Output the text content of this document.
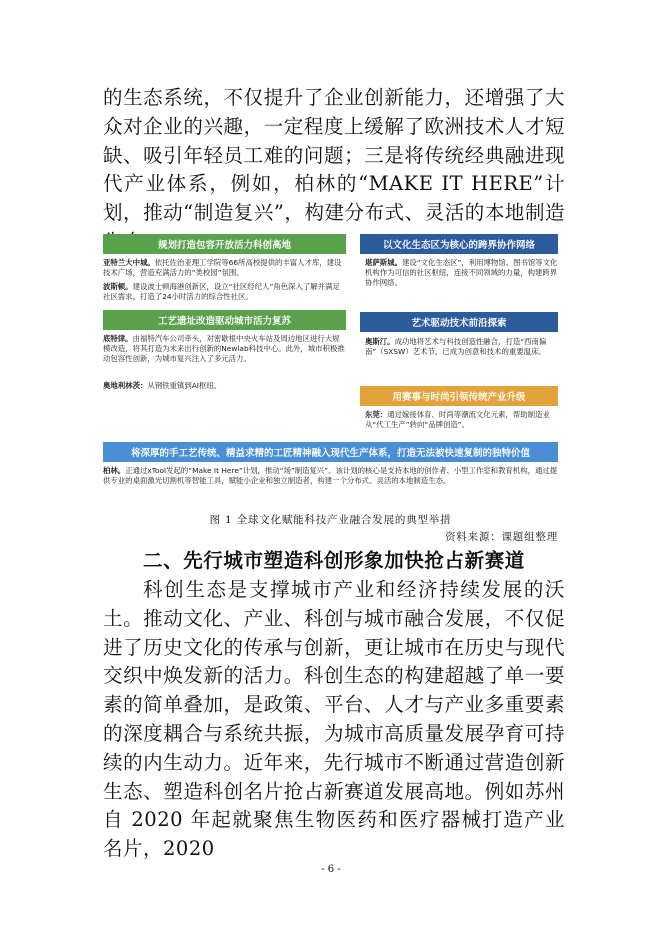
的生态系统，不仅提升了企业创新能力，还增强了大众对企业的兴趣，一定程度上缓解了欧洲技术人才短缺、吸引年轻员工难的问题；三是将传统经典融进现代产业体系，例如，柏林的“MAKE IT HERE”计划，推动“制造复兴”，构建分布式、灵活的本地制造

规划打造包容开放活力科创高地

亚特兰大中城。依托佐治亚理工学院等66所高校提供的丰富人才库，建设技术广场，营造充满活力的“类校园”氛围。

波斯顿。建设波士顿海港创新区，设立“社区经纪人”角色深入了解并满足社区需求，打造了24小时活力的综合性社区。

工艺遗址改造驱动城市活力复苏

底特律。由福特汽车公司牵头，对密歇根中央火车站及周边地区进行大规模改造，将其打造为未来出行创新的Newlab科技中心。此外，城市积极推动包容性创新，为城市复兴注入了多元活力。

奥地利林茨：从钢铁重镇到AI枢纽。

以文化生态区为核心的跨界协作网络

堪萨斯城。建设“文化生态区”，利用博物馆、图书馆等文化机构作为可信的社区枢纽，连接不同领域的力量，构建跨界协作网络。

艺术驱动技术前沿探索

奥斯汀。成功地将艺术与科技创造性融合，打造“西南偏南”（SXSW）艺术节，已成为创意和技术的重要温床。

用赛事与时尚引领传统产业升级

东莞：通过嫁接体育、时尚等潮流文化元素，帮助制造业从“代工生产”转向“品牌创造”。

将深厚的手工艺传统、精益求精的工匠精神融入现代生产体系，打造无法被快速复制的独特价值

柏林。正通过xTool发起的“Make It Here”计划，推动“场”制造复兴”。该计划的核心是支持本地的创作者、小型工作室和教育机构，通过提供专业的桌面激光切割机等智能工具，赋能小企业和独立制造者，构建一个分布式、灵活的本地制造生态。

图 1 全球文化赋能科技产业融合发展的典型举措
资料来源：课题组整理
二、先行城市塑造科创形象加快抢占新赛道

科创生态是支撑城市产业和经济持续发展的沃土。推动文化、产业、科创与城市融合发展，不仅促进了历史文化的传承与创新，更让城市在历史与现代交织中焕发新的活力。科创生态的构建超越了单一要素的简单叠加，是政策、平台、人才与产业多重要素的深度耦合与系统共振，为城市高质量发展孕育可持续的内生动力。近年来，先行城市不断通过营造创新生态、塑造科创名片抢占新赛道发展高地。例如苏州自 2020 年起就聚焦生物医药和医疗器械打造产业名片，2020

- 6 -
